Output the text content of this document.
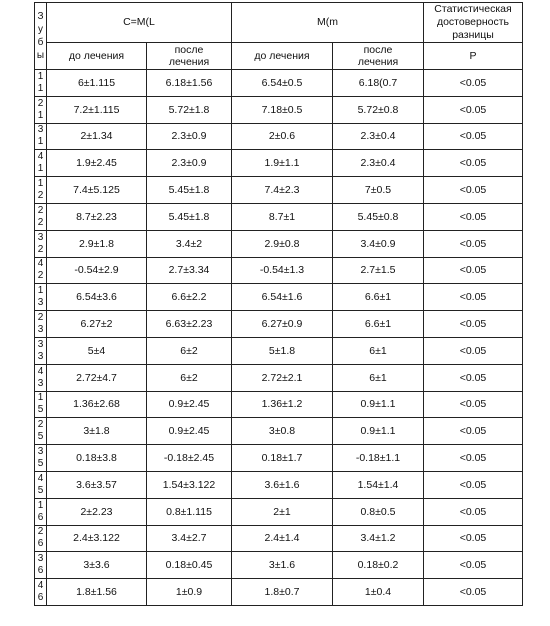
З
у
б
ы	C=M(L		M(m		Статистическая достоверность разницы
	до лечения	после лечения	до лечения	после лечения	P

1
1	6±1.115	6.18±1.56	6.54±0.5	6.18(0.7	<0.05

2
1	7.2±1.115	5.72±1.8	7.18±0.5	5.72±0.8	<0.05

3
1	2±1.34	2.3±0.9	2±0.6	2.3±0.4	<0.05

4
1	1.9±2.45	2.3±0.9	1.9±1.1	2.3±0.4	<0.05

1
2	7.4±5.125	5.45±1.8	7.4±2.3	7±0.5	<0.05

2
2	8.7±2.23	5.45±1.8	8.7±1	5.45±0.8	<0.05

3
2	2.9±1.8	3.4±2	2.9±0.8	3.4±0.9	<0.05

4
2	-0.54±2.9	2.7±3.34	-0.54±1.3	2.7±1.5	<0.05

1
3	6.54±3.6	6.6±2.2	6.54±1.6	6.6±1	<0.05

2
3	6.27±2	6.63±2.23	6.27±0.9	6.6±1	<0.05

3
3	5±4	6±2	5±1.8	6±1	<0.05

4
3	2.72±4.7	6±2	2.72±2.1	6±1	<0.05

1
5	1.36±2.68	0.9±2.45	1.36±1.2	0.9±1.1	<0.05

2
5	3±1.8	0.9±2.45	3±0.8	0.9±1.1	<0.05

3
5	0.18±3.8	-0.18±2.45	0.18±1.7	-0.18±1.1	<0.05

4
5	3.6±3.57	1.54±3.122	3.6±1.6	1.54±1.4	<0.05

1
6	2±2.23	0.8±1.115	2±1	0.8±0.5	<0.05

2
6	2.4±3.122	3.4±2.7	2.4±1.4	3.4±1.2	<0.05

3
6	3±3.6	0.18±0.45	3±1.6	0.18±0.2	<0.05

4
6	1.8±1.56	1±0.9	1.8±0.7	1±0.4	<0.05
